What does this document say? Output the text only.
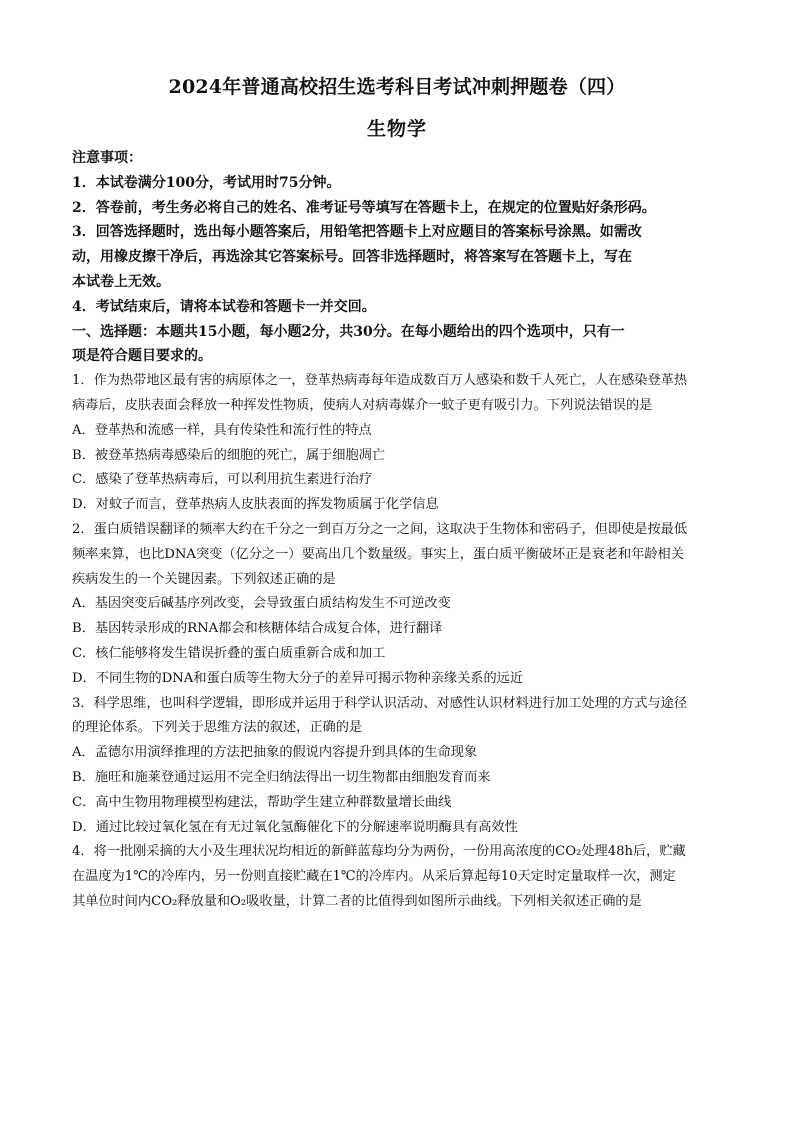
2024年普通高校招生选考科目考试冲刺押题卷（四）
生物学
注意事项：
1．本试卷满分100分，考试用时75分钟。
2．答卷前，考生务必将自己的姓名、准考证号等填写在答题卡上，在规定的位置贴好条形码。
3．回答选择题时，选出每小题答案后，用铅笔把答题卡上对应题目的答案标号涂黑。如需改
动，用橡皮擦干净后，再选涂其它答案标号。回答非选择题时，将答案写在答题卡上，写在
本试卷上无效。
4．考试结束后，请将本试卷和答题卡一并交回。
一、选择题：本题共15小题，每小题2分，共30分。在每小题给出的四个选项中，只有一
项是符合题目要求的。
1．作为热带地区最有害的病原体之一，登革热病毒每年造成数百万人感染和数千人死亡，人在感染登革热
病毒后，皮肤表面会释放一种挥发性物质，使病人对病毒媒介一蚊子更有吸引力。下列说法错误的是
A．登革热和流感一样，具有传染性和流行性的特点
B．被登革热病毒感染后的细胞的死亡，属于细胞凋亡
C．感染了登革热病毒后，可以利用抗生素进行治疗
D．对蚊子而言，登革热病人皮肤表面的挥发物质属于化学信息
2．蛋白质错误翻译的频率大约在千分之一到百万分之一之间，这取决于生物体和密码子，但即使是按最低
频率来算，也比DNA突变（亿分之一）要高出几个数量级。事实上，蛋白质平衡破坏正是衰老和年龄相关
疾病发生的一个关键因素。下列叙述正确的是
A．基因突变后碱基序列改变，会导致蛋白质结构发生不可逆改变
B．基因转录形成的RNA都会和核糖体结合成复合体，进行翻译
C．核仁能够将发生错误折叠的蛋白质重新合成和加工
D．不同生物的DNA和蛋白质等生物大分子的差异可揭示物种亲缘关系的远近
3．科学思维，也叫科学逻辑，即形成并运用于科学认识活动、对感性认识材料进行加工处理的方式与途径
的理论体系。下列关于思维方法的叙述，正确的是
A．孟德尔用演绎推理的方法把抽象的假说内容提升到具体的生命现象
B．施旺和施莱登通过运用不完全归纳法得出一切生物都由细胞发育而来
C．高中生物用物理模型构建法，帮助学生建立种群数量增长曲线
D．通过比较过氧化氢在有无过氧化氢酶催化下的分解速率说明酶具有高效性
4．将一批刚采摘的大小及生理状况均相近的新鲜蓝莓均分为两份，一份用高浓度的CO₂处理48h后，贮藏
在温度为1℃的冷库内，另一份则直接贮藏在1℃的冷库内。从采后算起每10天定时定量取样一次，测定
其单位时间内CO₂释放量和O₂吸收量，计算二者的比值得到如图所示曲线。下列相关叙述正确的是
